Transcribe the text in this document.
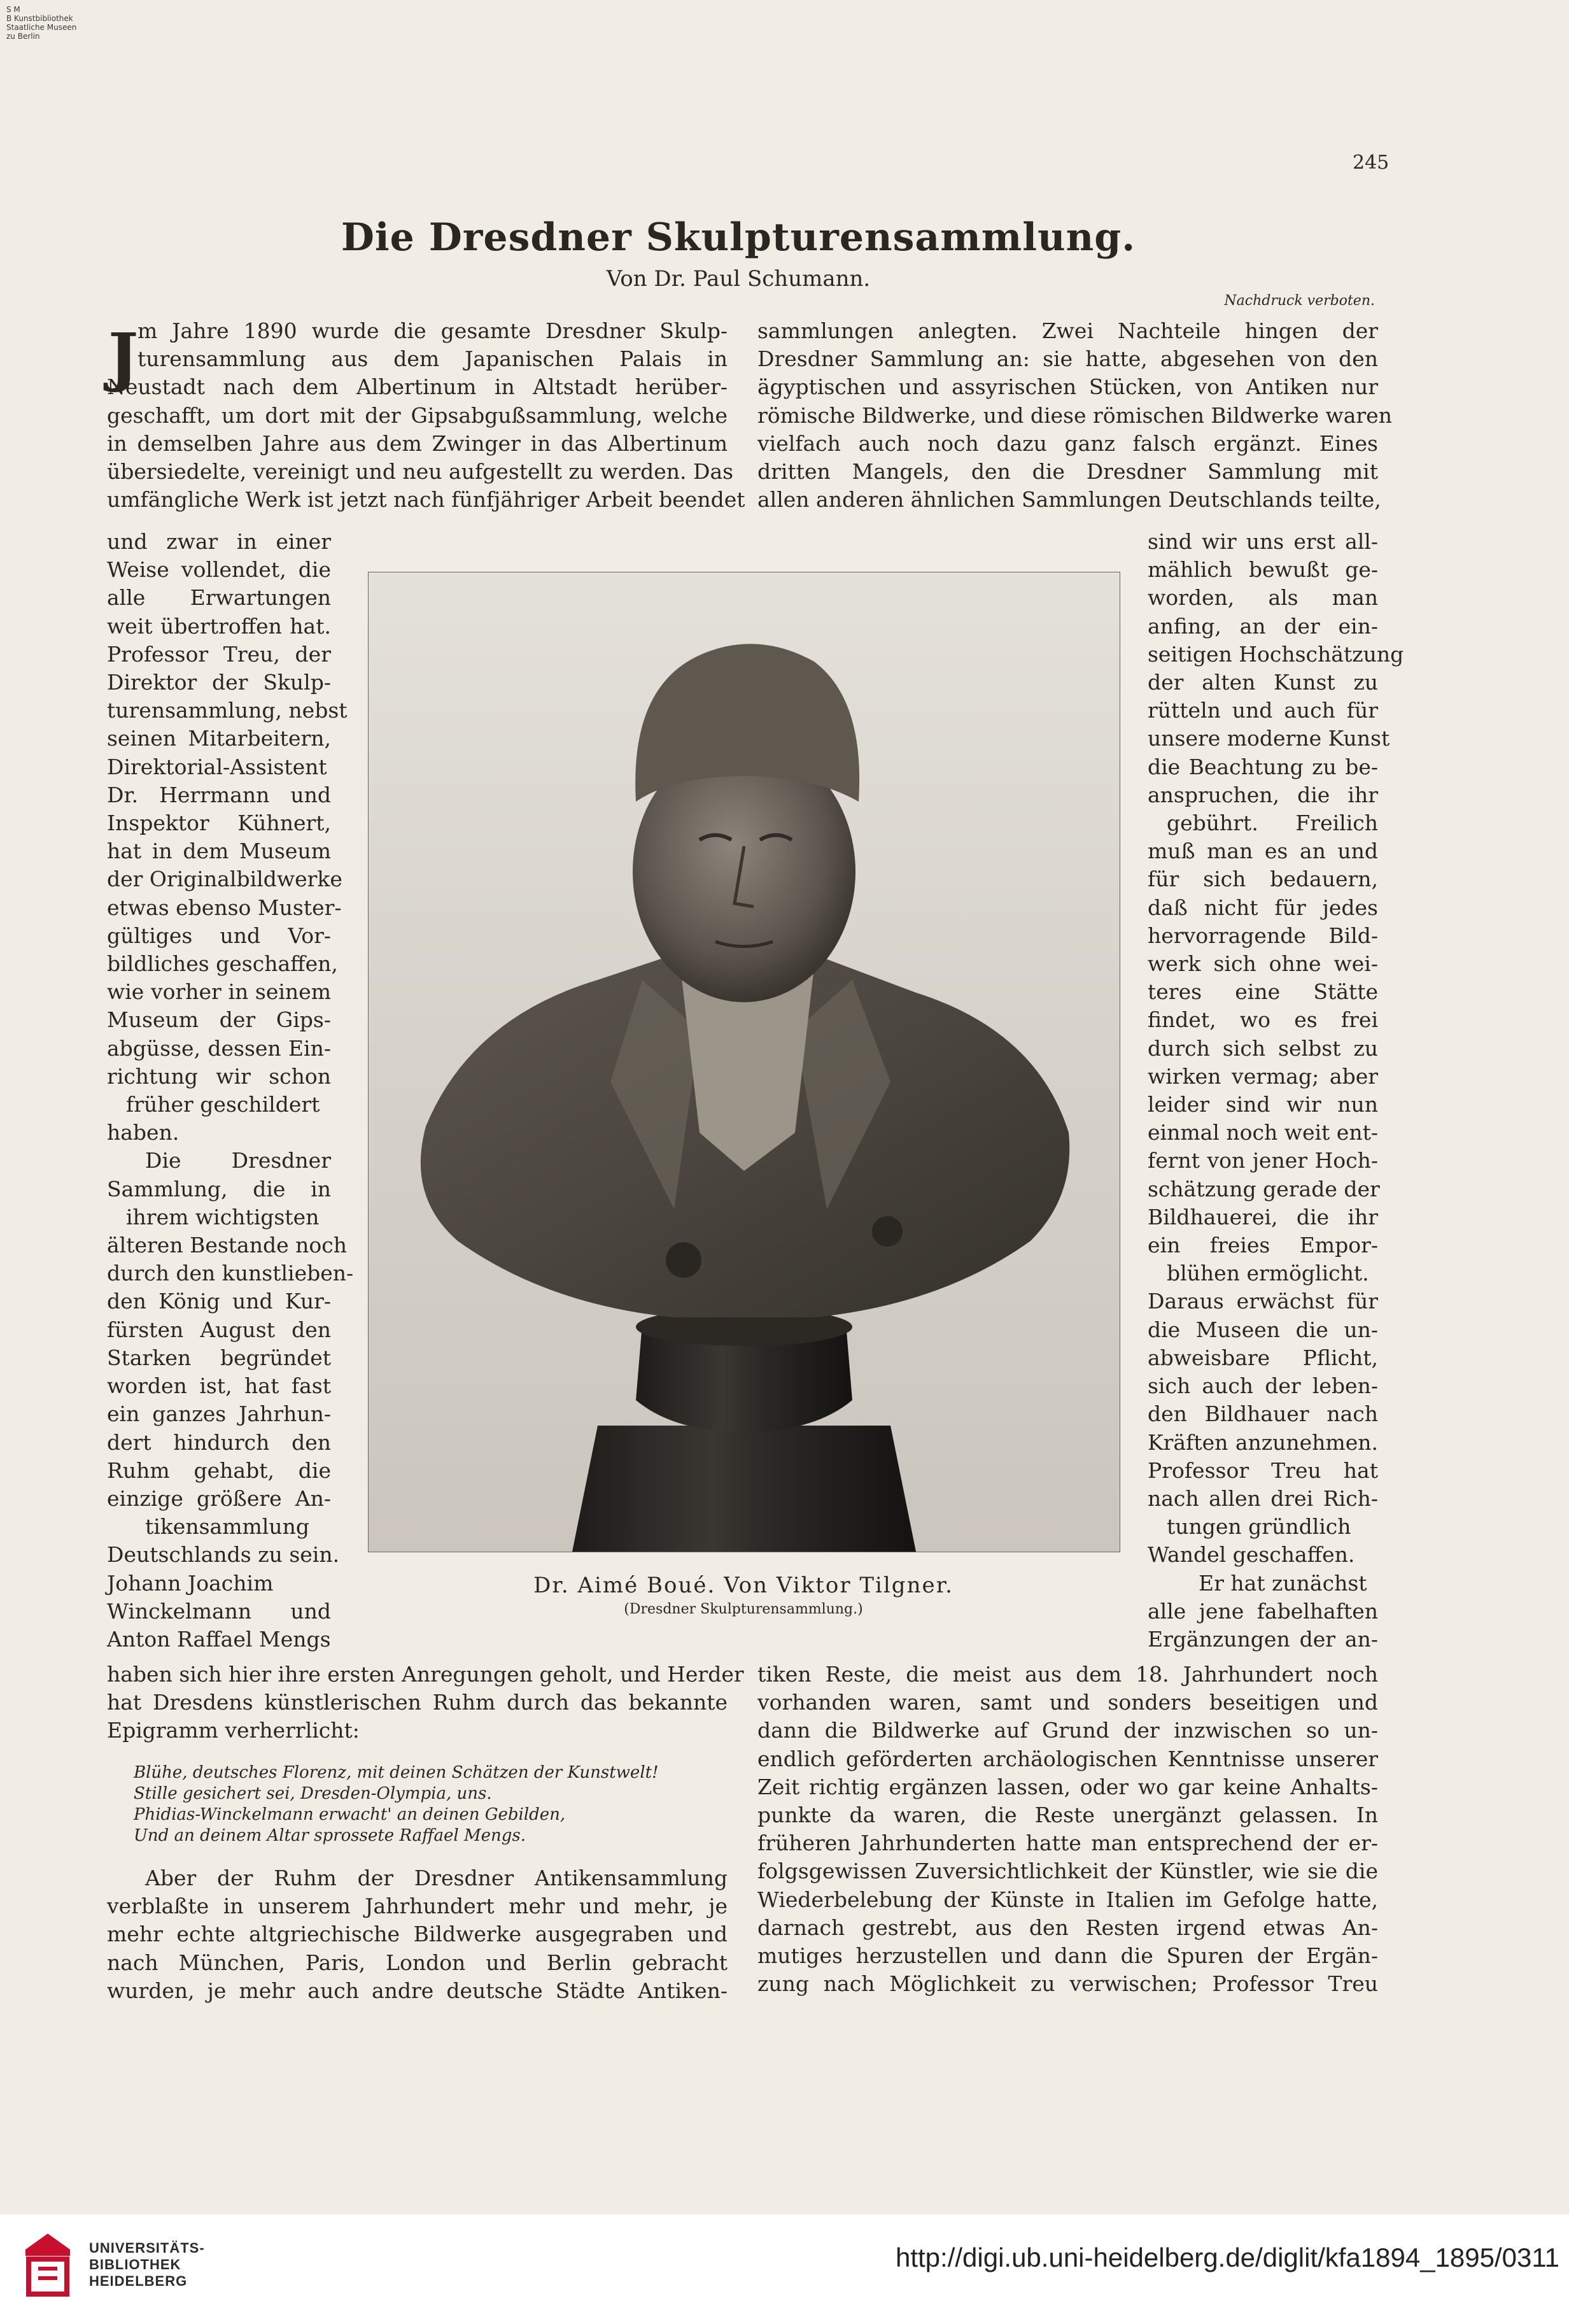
S M
B Kunstbibliothek
Staatliche Museen
zu Berlin
245
Die Dresdner Skulpturensammlung.
Von Dr. Paul Schumann.
Nachdruck verboten.
J
m Jahre 1890 wurde die gesamte Dresdner Skulp-
turensammlung aus dem Japanischen Palais in
Neustadt nach dem Albertinum in Altstadt herüber-
geschafft, um dort mit der Gipsabgußsammlung, welche
in demselben Jahre aus dem Zwinger in das Albertinum
übersiedelte, vereinigt und neu aufgestellt zu werden. Das
umfängliche Werk ist jetzt nach fünfjähriger Arbeit beendet
und zwar in einer
Weise vollendet, die
alle Erwartungen
weit übertroffen hat.
Professor Treu, der
Direktor der Skulp-
turensammlung, nebst
seinen Mitarbeitern,
Direktorial-Assistent
Dr. Herrmann und
Inspektor Kühnert,
hat in dem Museum
der Originalbildwerke
etwas ebenso Muster-
gültiges und Vor-
bildliches geschaffen,
wie vorher in seinem
Museum der Gips-
abgüsse, dessen Ein-
richtung wir schon
früher geschildert
haben.
Die Dresdner
Sammlung, die in
ihrem wichtigsten
älteren Bestande noch
durch den kunstlieben-
den König und Kur-
fürsten August den
Starken begründet
worden ist, hat fast
ein ganzes Jahrhun-
dert hindurch den
Ruhm gehabt, die
einzige größere An-
tikensammlung
Deutschlands zu sein.
Johann Joachim
Winckelmann und
Anton Raffael Mengs
haben sich hier ihre ersten Anregungen geholt, und Herder
hat Dresdens künstlerischen Ruhm durch das bekannte
Epigramm verherrlicht:
Blühe, deutsches Florenz, mit deinen Schätzen der Kunstwelt!
Stille gesichert sei, Dresden-Olympia, uns.
Phidias-Winckelmann erwacht' an deinen Gebilden,
Und an deinem Altar sprossete Raffael Mengs.
Aber der Ruhm der Dresdner Antikensammlung
verblaßte in unserem Jahrhundert mehr und mehr, je
mehr echte altgriechische Bildwerke ausgegraben und
nach München, Paris, London und Berlin gebracht
wurden, je mehr auch andre deutsche Städte Antiken-
sammlungen anlegten. Zwei Nachteile hingen der
Dresdner Sammlung an: sie hatte, abgesehen von den
ägyptischen und assyrischen Stücken, von Antiken nur
römische Bildwerke, und diese römischen Bildwerke waren
vielfach auch noch dazu ganz falsch ergänzt. Eines
dritten Mangels, den die Dresdner Sammlung mit
allen anderen ähnlichen Sammlungen Deutschlands teilte,
sind wir uns erst all-
mählich bewußt ge-
worden, als man
anfing, an der ein-
seitigen Hochschätzung
der alten Kunst zu
rütteln und auch für
unsere moderne Kunst
die Beachtung zu be-
anspruchen, die ihr
gebührt. Freilich
muß man es an und
für sich bedauern,
daß nicht für jedes
hervorragende Bild-
werk sich ohne wei-
teres eine Stätte
findet, wo es frei
durch sich selbst zu
wirken vermag; aber
leider sind wir nun
einmal noch weit ent-
fernt von jener Hoch-
schätzung gerade der
Bildhauerei, die ihr
ein freies Empor-
blühen ermöglicht.
Daraus erwächst für
die Museen die un-
abweisbare Pflicht,
sich auch der leben-
den Bildhauer nach
Kräften anzunehmen.
Professor Treu hat
nach allen drei Rich-
tungen gründlich
Wandel geschaffen.
Er hat zunächst
alle jene fabelhaften
Ergänzungen der an-
tiken Reste, die meist aus dem 18. Jahrhundert noch
vorhanden waren, samt und sonders beseitigen und
dann die Bildwerke auf Grund der inzwischen so un-
endlich geförderten archäologischen Kenntnisse unserer
Zeit richtig ergänzen lassen, oder wo gar keine Anhalts-
punkte da waren, die Reste unergänzt gelassen. In
früheren Jahrhunderten hatte man entsprechend der er-
folgsgewissen Zuversichtlichkeit der Künstler, wie sie die
Wiederbelebung der Künste in Italien im Gefolge hatte,
darnach gestrebt, aus den Resten irgend etwas An-
mutiges herzustellen und dann die Spuren der Ergän-
zung nach Möglichkeit zu verwischen; Professor Treu
Dr. Aimé Boué. Von Viktor Tilgner.
(Dresdner Skulpturensammlung.)
UNIVERSITÄTS-
BIBLIOTHEK
HEIDELBERG
http://digi.ub.uni-heidelberg.de/diglit/kfa1894_1895/0311
